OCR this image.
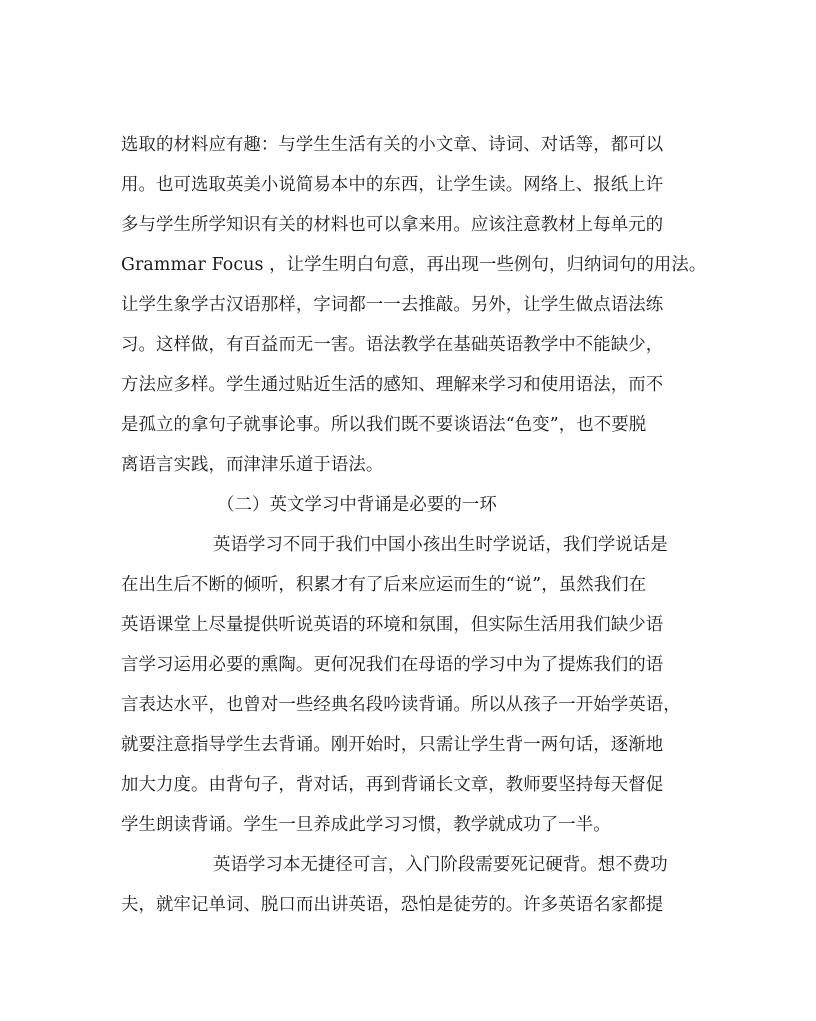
选取的材料应有趣：与学生生活有关的小文章、诗词、对话等，都可以
用。也可选取英美小说简易本中的东西，让学生读。网络上、报纸上许
多与学生所学知识有关的材料也可以拿来用。应该注意教材上每单元的
Grammar Focus ，让学生明白句意，再出现一些例句，归纳词句的用法。
让学生象学古汉语那样，字词都一一去推敲。另外，让学生做点语法练
习。这样做，有百益而无一害。语法教学在基础英语教学中不能缺少，
方法应多样。学生通过贴近生活的感知、理解来学习和使用语法，而不
是孤立的拿句子就事论事。所以我们既不要谈语法“色变”，也不要脱
离语言实践，而津津乐道于语法。
（二）英文学习中背诵是必要的一环
英语学习不同于我们中国小孩出生时学说话，我们学说话是
在出生后不断的倾听，积累才有了后来应运而生的“说”，虽然我们在
英语课堂上尽量提供听说英语的环境和氛围，但实际生活用我们缺少语
言学习运用必要的熏陶。更何况我们在母语的学习中为了提炼我们的语
言表达水平，也曾对一些经典名段吟读背诵。所以从孩子一开始学英语，
就要注意指导学生去背诵。刚开始时，只需让学生背一两句话，逐渐地
加大力度。由背句子，背对话，再到背诵长文章，教师要坚持每天督促
学生朗读背诵。学生一旦养成此学习习惯，教学就成功了一半。
英语学习本无捷径可言，入门阶段需要死记硬背。想不费功
夫，就牢记单词、脱口而出讲英语，恐怕是徒劳的。许多英语名家都提
